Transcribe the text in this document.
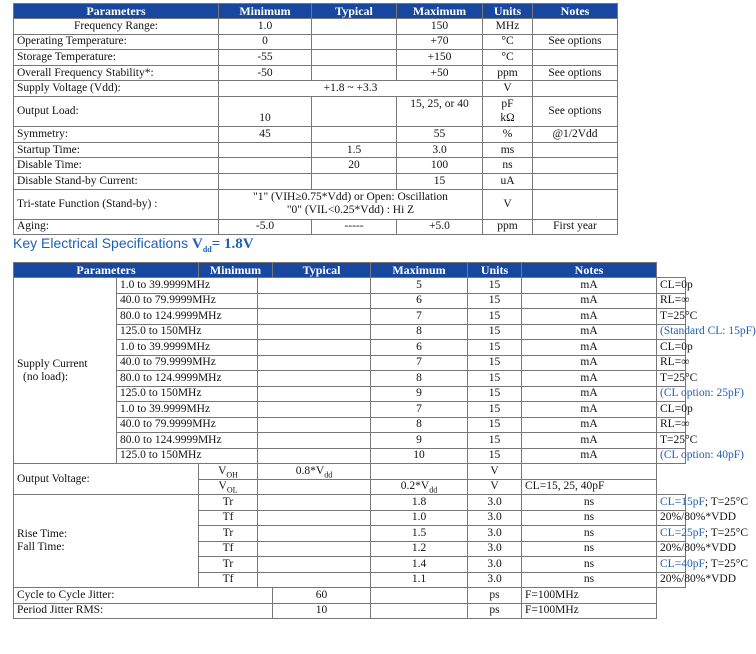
Parameters	Minimum	Typical	Maximum	Units	Notes
Frequency Range:	1.0		150	MHz	
Operating Temperature:	0		+70	°C	See options
Storage Temperature:	-55		+150	°C	
Overall Frequency Stability*:	-50		+50	ppm	See options
Supply Voltage (Vdd):	+1.8 ~ +3.3			V	
Output Load:			15, 25, or 40	pF	See options
	10			kΩ	
Symmetry:	45		55	%	@1/2Vdd
Startup Time:		1.5	3.0	ms	
Disable Time:		20	100	ns	
Disable Stand-by Current:			15	uA	
Tri-state Function (Stand-by) :	"1" (VIH≥0.75*Vdd) or Open: Oscillation
"0" (VIL<0.25*Vdd) : Hi Z			V	
Aging:	-5.0	-----	+5.0	ppm	First year
Key Electrical Specifications $V_{dd}= 1.8V$
Parameters		Minimum		Typical	Maximum	Units	Notes	

Supply Current
(no load):	1.0 to 39.9999MHz				5	15	mA	CL=0p
	40.0 to 79.9999MHz				6	15	mA	RL=∞
	80.0 to 124.9999MHz				7	15	mA	T=25°C
	125.0 to 150MHz				8	15	mA	(Standard CL: 15pF)
	1.0 to 39.9999MHz				6	15	mA	CL=0p
	40.0 to 79.9999MHz				7	15	mA	RL=∞
	80.0 to 124.9999MHz				8	15	mA	T=25°C
	125.0 to 150MHz				9	15	mA	(CL option: 25pF)
	1.0 to 39.9999MHz				7	15	mA	CL=0p
	40.0 to 79.9999MHz				8	15	mA	RL=∞
	80.0 to 124.9999MHz				9	15	mA	T=25°C
	125.0 to 150MHz				10	15	mA	(CL option: 40pF)
Output Voltage:		$V_{OH}$	$0.8*V_{dd}$			V		
		$V_{OL}$			$0.2*V_{dd}$	V	CL=15, 25, 40pF	

Rise Time:
Fall Time:		Tr			1.8	3.0	ns	CL=15pF; T=25°C
		Tf			1.0	3.0	ns	20%/80%*VDD
		Tr			1.5	3.0	ns	CL=25pF; T=25°C
		Tf			1.2	3.0	ns	20%/80%*VDD
		Tr			1.4	3.0	ns	CL=40pF; T=25°C
		Tf			1.1	3.0	ns	20%/80%*VDD
Cycle to Cycle Jitter:				60		ps	F=100MHz	
Period Jitter RMS:				10		ps	F=100MHz	
